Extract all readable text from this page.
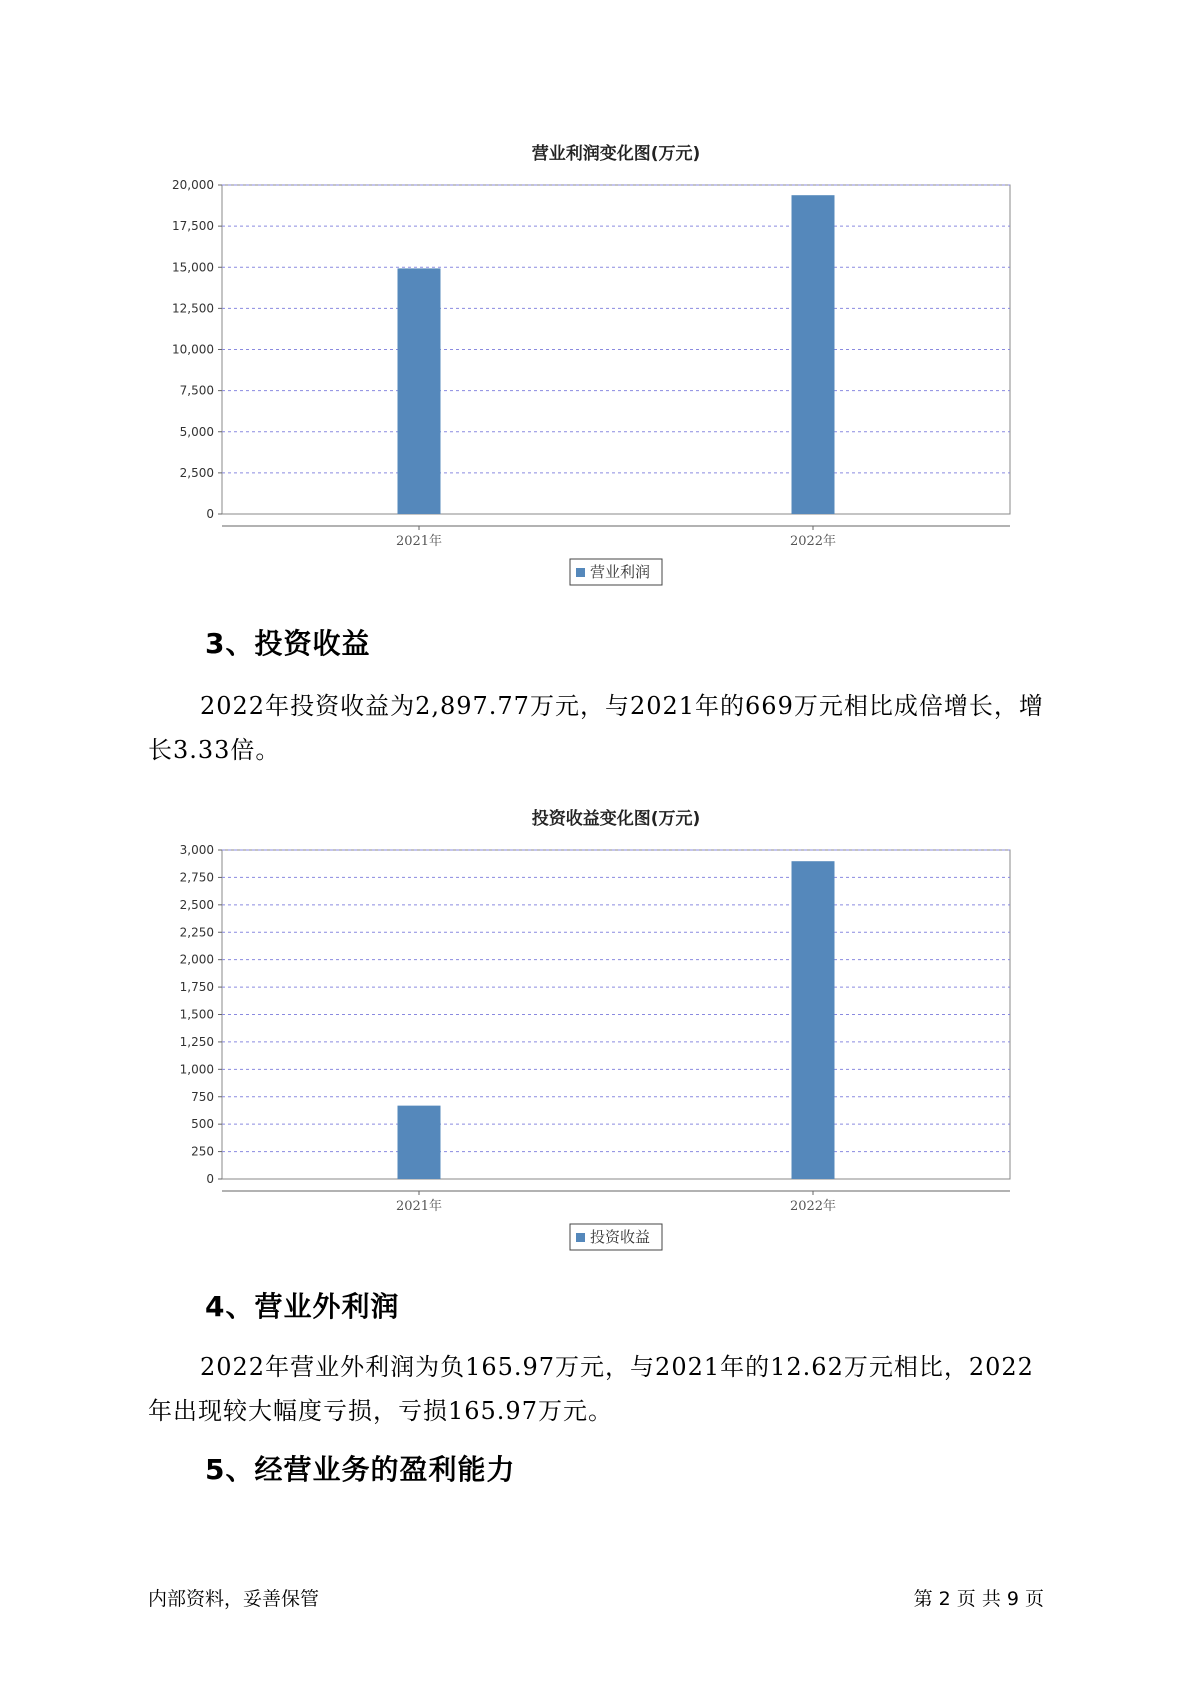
营业利润变化图(万元)
0
2,500
5,000
7,500
10,000
12,500
15,000
17,500
20,000
2021年	2022年
营业利润
3、投资收益
2022年投资收益为2,897.77万元，与2021年的669万元相比成倍增长，增长3.33倍。
投资收益变化图(万元)
0
250
500
750
1,000
1,250
1,500
1,750
2,000
2,250
2,500
2,750
3,000
2021年	2022年
投资收益
4、营业外利润
2022年营业外利润为负165.97万元，与2021年的12.62万元相比，2022年出现较大幅度亏损，亏损165.97万元。
5、经营业务的盈利能力
内部资料，妥善保管	第 2 页 共 9 页
